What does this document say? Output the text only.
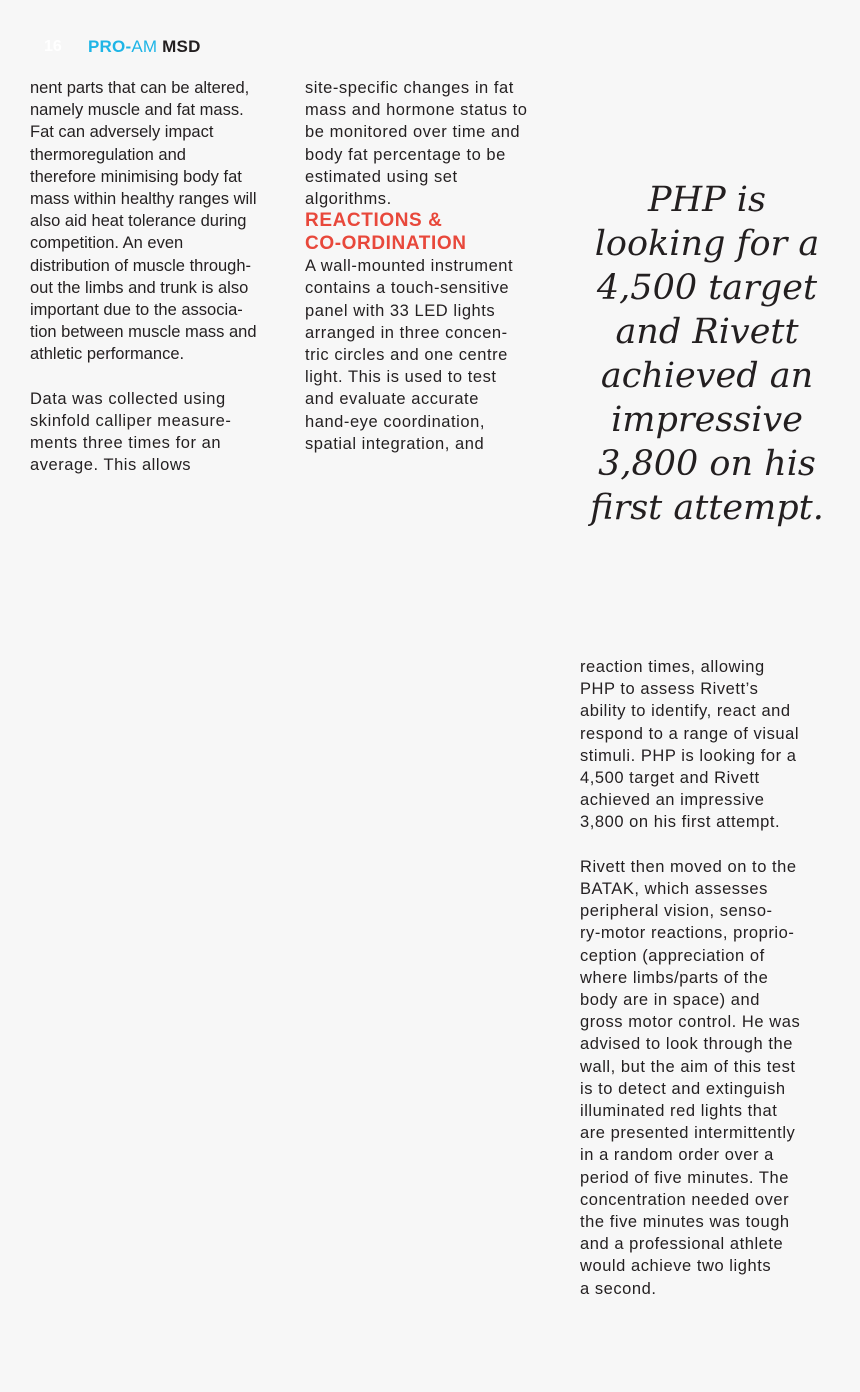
16	PRO-AM MSD

nent parts that can be altered,
namely muscle and fat mass.
Fat can adversely impact
thermoregulation and
therefore minimising body fat
mass within healthy ranges will
also aid heat tolerance during
competition. An even
distribution of muscle through-
out the limbs and trunk is also
important due to the associa-
tion between muscle mass and
athletic performance.

Data was collected using
skinfold calliper measure-
ments three times for an
average. This allows

site-specific changes in fat
mass and hormone status to
be monitored over time and
body fat percentage to be
estimated using set
algorithms.

REACTIONS &
CO-ORDINATION

A wall-mounted instrument
contains a touch-sensitive
panel with 33 LED lights
arranged in three concen-
tric circles and one centre
light. This is used to test
and evaluate accurate
hand-eye coordination,
spatial integration, and

PHP is
looking for a
4,500 target
and Rivett
achieved an
impressive
3,800 on his
first attempt.

reaction times, allowing
PHP to assess Rivett’s
ability to identify, react and
respond to a range of visual
stimuli. PHP is looking for a
4,500 target and Rivett
achieved an impressive
3,800 on his first attempt.

Rivett then moved on to the
BATAK, which assesses
peripheral vision, senso-
ry-motor reactions, proprio-
ception (appreciation of
where limbs/parts of the
body are in space) and
gross motor control. He was
advised to look through the
wall, but the aim of this test
is to detect and extinguish
illuminated red lights that
are presented intermittently
in a random order over a
period of five minutes. The
concentration needed over
the five minutes was tough
and a professional athlete
would achieve two lights
a second.
